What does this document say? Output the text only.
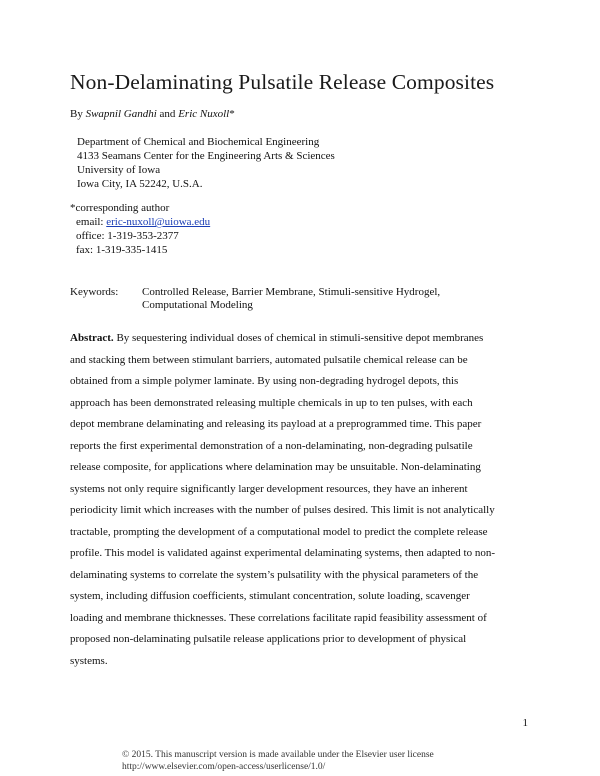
Non-Delaminating Pulsatile Release Composites
By Swapnil Gandhi and Eric Nuxoll*
Department of Chemical and Biochemical Engineering
4133 Seamans Center for the Engineering Arts & Sciences
University of Iowa
Iowa City, IA 52242, U.S.A.
*corresponding author
email: eric-nuxoll@uiowa.edu
office: 1-319-353-2377
fax: 1-319-335-1415
Keywords: Controlled Release, Barrier Membrane, Stimuli-sensitive Hydrogel,
Computational Modeling
Abstract. By sequestering individual doses of chemical in stimuli-sensitive depot membranes
and stacking them between stimulant barriers, automated pulsatile chemical release can be
obtained from a simple polymer laminate. By using non-degrading hydrogel depots, this
approach has been demonstrated releasing multiple chemicals in up to ten pulses, with each
depot membrane delaminating and releasing its payload at a preprogrammed time. This paper
reports the first experimental demonstration of a non-delaminating, non-degrading pulsatile
release composite, for applications where delamination may be unsuitable. Non-delaminating
systems not only require significantly larger development resources, they have an inherent
periodicity limit which increases with the number of pulses desired. This limit is not analytically
tractable, prompting the development of a computational model to predict the complete release
profile. This model is validated against experimental delaminating systems, then adapted to non-
delaminating systems to correlate the system’s pulsatility with the physical parameters of the
system, including diffusion coefficients, stimulant concentration, solute loading, scavenger
loading and membrane thicknesses. These correlations facilitate rapid feasibility assessment of
proposed non-delaminating pulsatile release applications prior to development of physical
systems.
1
© 2015. This manuscript version is made available under the Elsevier user license
http://www.elsevier.com/open-access/userlicense/1.0/
